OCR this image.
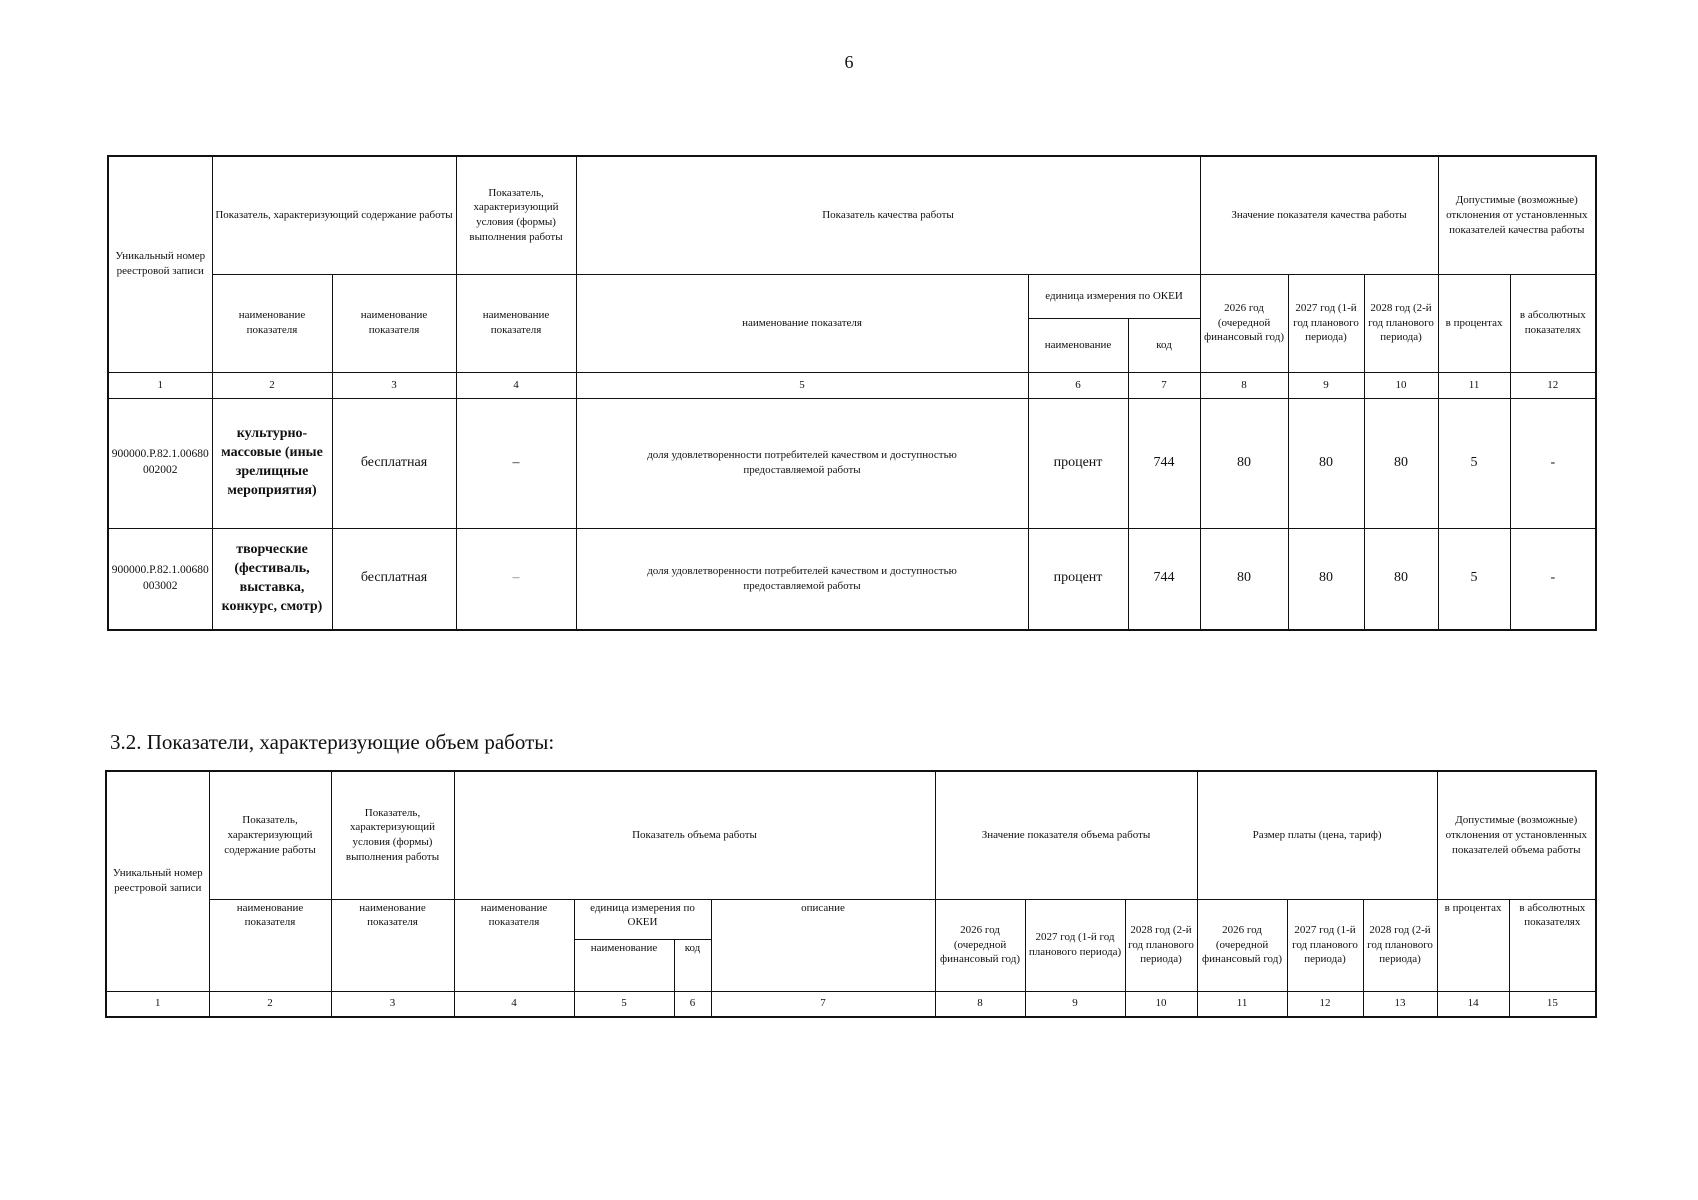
6
Уникальный номер реестровой записи	Показатель, характеризующий содержание работы		Показатель, характеризующий условия (формы) выполнения работы	Показатель качества работы			Значение показателя качества работы			Допустимые (возможные) отклонения от установленных показателей качества работы	
	наименование показателя	наименование показателя	наименование показателя	наименование показателя	единица измерения по ОКЕИ		2026 год (очередной финансовый год)	2027 год (1-й год планового периода)	2028 год (2-й год планового периода)	в процентах	в абсолютных показателях
					наименование	код					
1	2	3	4	5	6	7	8	9	10	11	12
900000.Р.82.1.00680002002	культурно-массовые (иные зрелищные мероприятия)	бесплатная	–	доля удовлетворенности потребителей качеством и доступностью предоставляемой работы	процент	744	80	80	80	5	-
900000.Р.82.1.00680003002	творческие (фестиваль, выставка, конкурс, смотр)	бесплатная	–	доля удовлетворенности потребителей качеством и доступностью предоставляемой работы	процент	744	80	80	80	5	-
3.2. Показатели, характеризующие объем работы:
Уникальный номер реестровой записи	Показатель, характеризующий содержание работы	Показатель, характеризующий условия (формы) выполнения работы	Показатель объема работы				Значение показателя объема работы			Размер платы (цена, тариф)			Допустимые (возможные) отклонения от установленных показателей объема работы	
	наименование показателя	наименование показателя	наименование показателя	единица измерения по ОКЕИ		описание	2026 год (очередной финансовый год)	2027 год (1-й год планового периода)	2028 год (2-й год планового периода)	2026 год (очередной финансовый год)	2027 год (1-й год планового периода)	2028 год (2-й год планового периода)	в процентах	в абсолютных показателях
				наименование	код									
1	2	3	4	5	6	7	8	9	10	11	12	13	14	15
